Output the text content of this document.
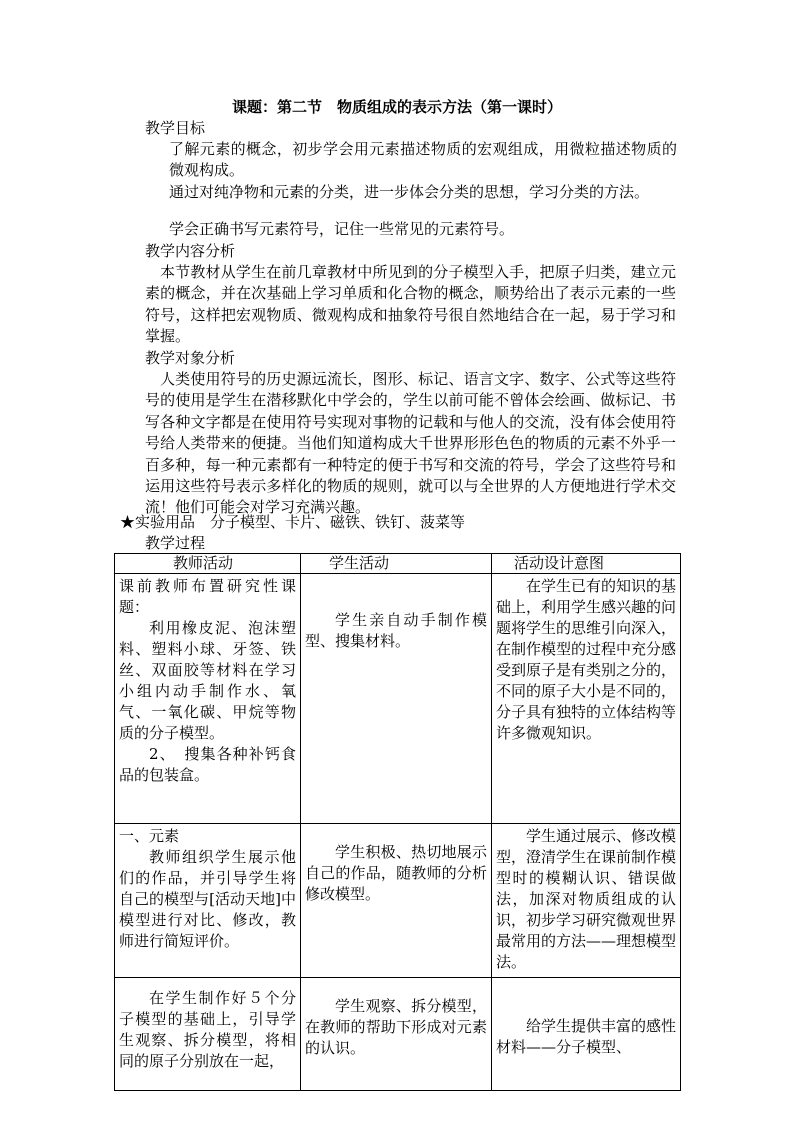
课题：第二节　物质组成的表示方法（第一课时）
教学目标
了解元素的概念，初步学会用元素描述物质的宏观组成，用微粒描述物质的微观构成。
通过对纯净物和元素的分类，进一步体会分类的思想，学习分类的方法。
学会正确书写元素符号，记住一些常见的元素符号。
教学内容分析
本节教材从学生在前几章教材中所见到的分子模型入手，把原子归类，建立元素的概念，并在次基础上学习单质和化合物的概念，顺势给出了表示元素的一些符号，这样把宏观物质、微观构成和抽象符号很自然地结合在一起，易于学习和掌握。
教学对象分析
人类使用符号的历史源远流长，图形、标记、语言文字、数字、公式等这些符号的使用是学生在潜移默化中学会的，学生以前可能不曾体会绘画、做标记、书写各种文字都是在使用符号实现对事物的记载和与他人的交流，没有体会使用符号给人类带来的便捷。当他们知道构成大千世界形形色色的物质的元素不外乎一百多种，每一种元素都有一种特定的便于书写和交流的符号，学会了这些符号和运用这些符号表示多样化的物质的规则，就可以与全世界的人方便地进行学术交流！他们可能会对学习充满兴趣。
★实验用品　分子模型、卡片、磁铁、铁钉、菠菜等
教学过程
教师活动	学生活动	活动设计意图

课前教师布置研究性课题：
利用橡皮泥、泡沫塑料、塑料小球、牙签、铁丝、双面胶等材料在学习小组内动手制作水、氧气、一氧化碳、甲烷等物质的分子模型。
2、　搜集各种补钙食品的包装盒。	学生亲自动手制作模型、搜集材料。	在学生已有的知识的基础上，利用学生感兴趣的问题将学生的思维引向深入，在制作模型的过程中充分感受到原子是有类别之分的，不同的原子大小是不同的，分子具有独特的立体结构等许多微观知识。

一、元素
教师组织学生展示他们的作品，并引导学生将自己的模型与[活动天地]中模型进行对比、修改，教师进行简短评价。	学生积极、热切地展示自己的作品，随教师的分析修改模型。	学生通过展示、修改模型，澄清学生在课前制作模型时的模糊认识、错误做法，加深对物质组成的认识，初步学习研究微观世界最常用的方法——理想模型法。

在学生制作好５个分子模型的基础上，引导学生观察、拆分模型，将相同的原子分别放在一起，	学生观察、拆分模型，在教师的帮助下形成对元素的认识。	给学生提供丰富的感性材料——分子模型、
